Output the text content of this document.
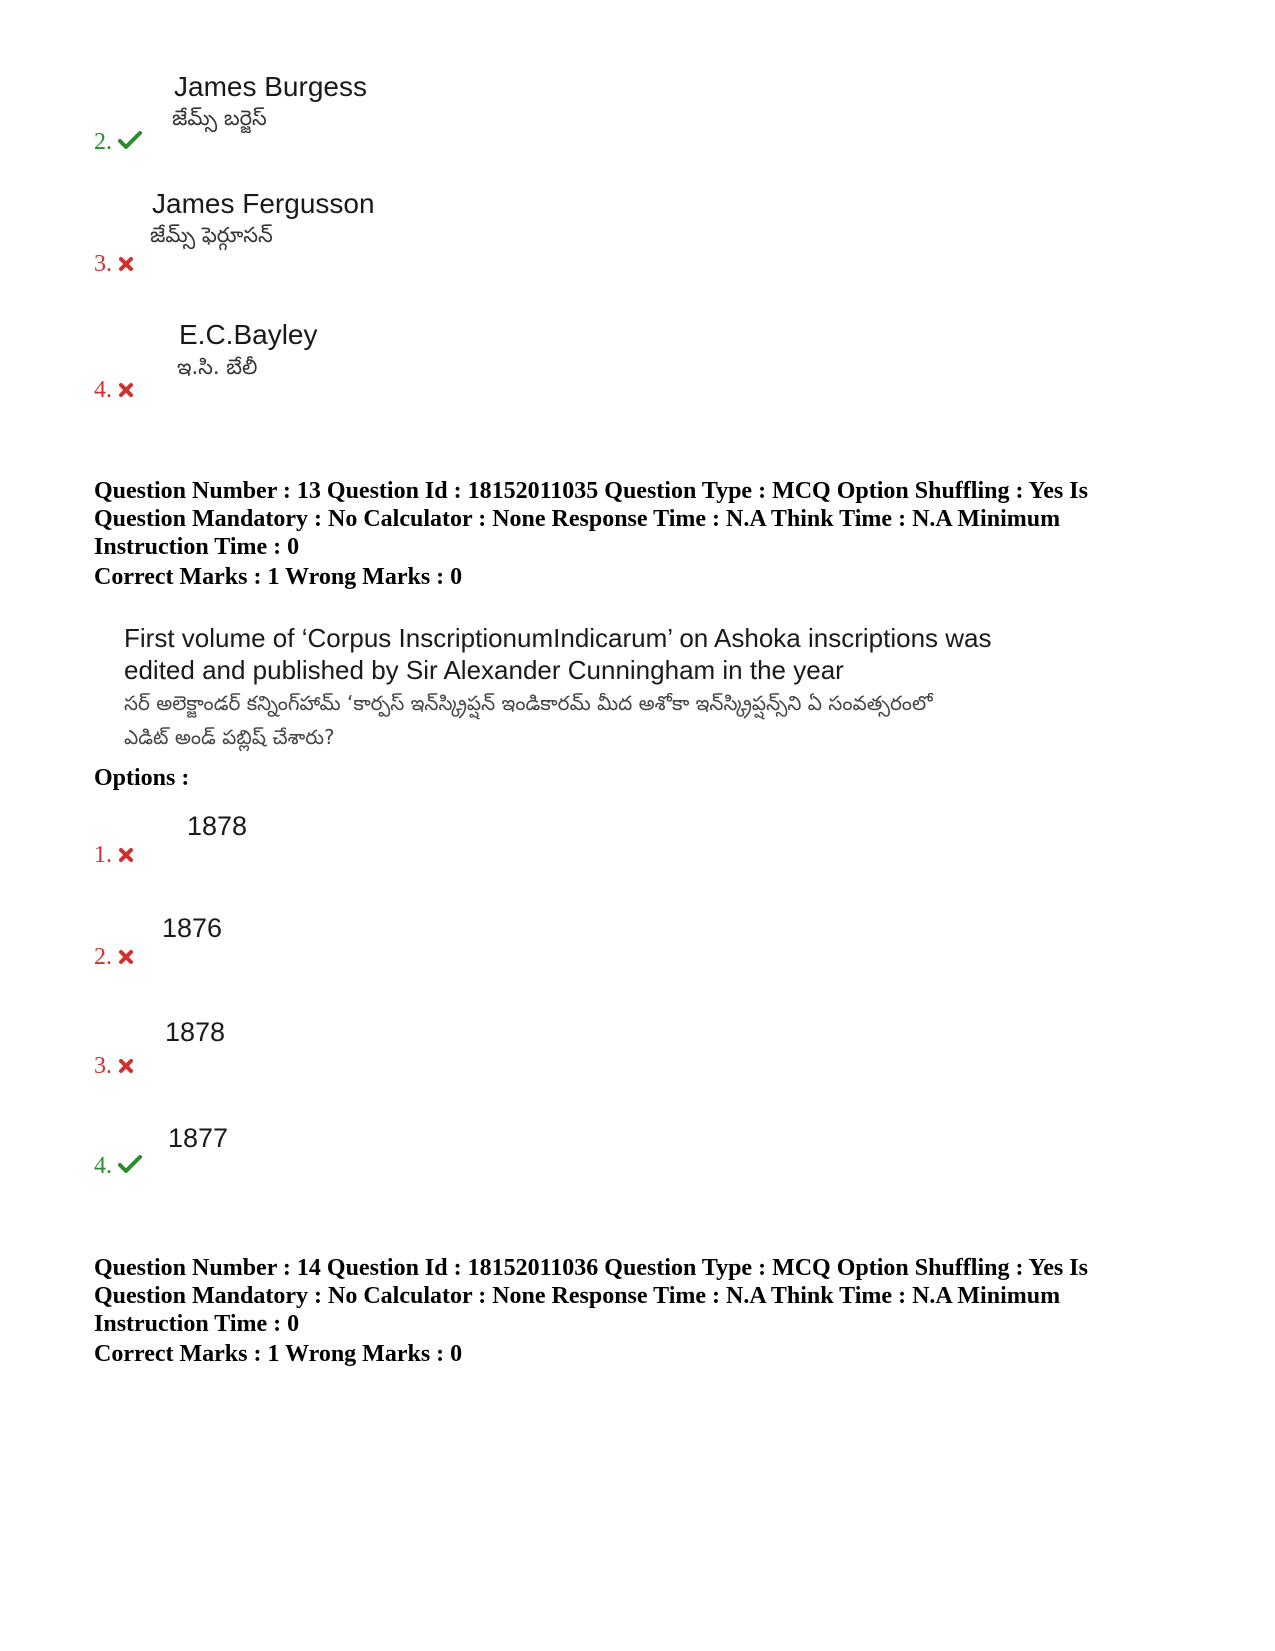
James Burgess
జేమ్స్ బర్జెస్
2.
James Fergusson
జేమ్స్ ఫెర్గూసన్
3.
E.C.Bayley
ఇ.సి. బేలీ
4.
Question Number : 13 Question Id : 18152011035 Question Type : MCQ Option Shuffling : Yes Is
Question Mandatory : No Calculator : None Response Time : N.A Think Time : N.A Minimum
Instruction Time : 0
Correct Marks : 1 Wrong Marks : 0
First volume of ‘Corpus InscriptionumIndicarum’ on Ashoka inscriptions was
edited and published by Sir Alexander Cunningham in the year
సర్ అలెక్జాండర్ కన్నింగ్‌హామ్ ‘కార్పస్ ఇన్‌స్క్రిప్షన్ ఇండికారమ్ మీద అశోకా ఇన్‌స్క్రిప్షన్స్‌ని ఏ సంవత్సరంలో
ఎడిట్ అండ్ పబ్లిష్ చేశారు?
Options :
1878
1.
1876
2.
1878
3.
1877
4.
Question Number : 14 Question Id : 18152011036 Question Type : MCQ Option Shuffling : Yes Is
Question Mandatory : No Calculator : None Response Time : N.A Think Time : N.A Minimum
Instruction Time : 0
Correct Marks : 1 Wrong Marks : 0
